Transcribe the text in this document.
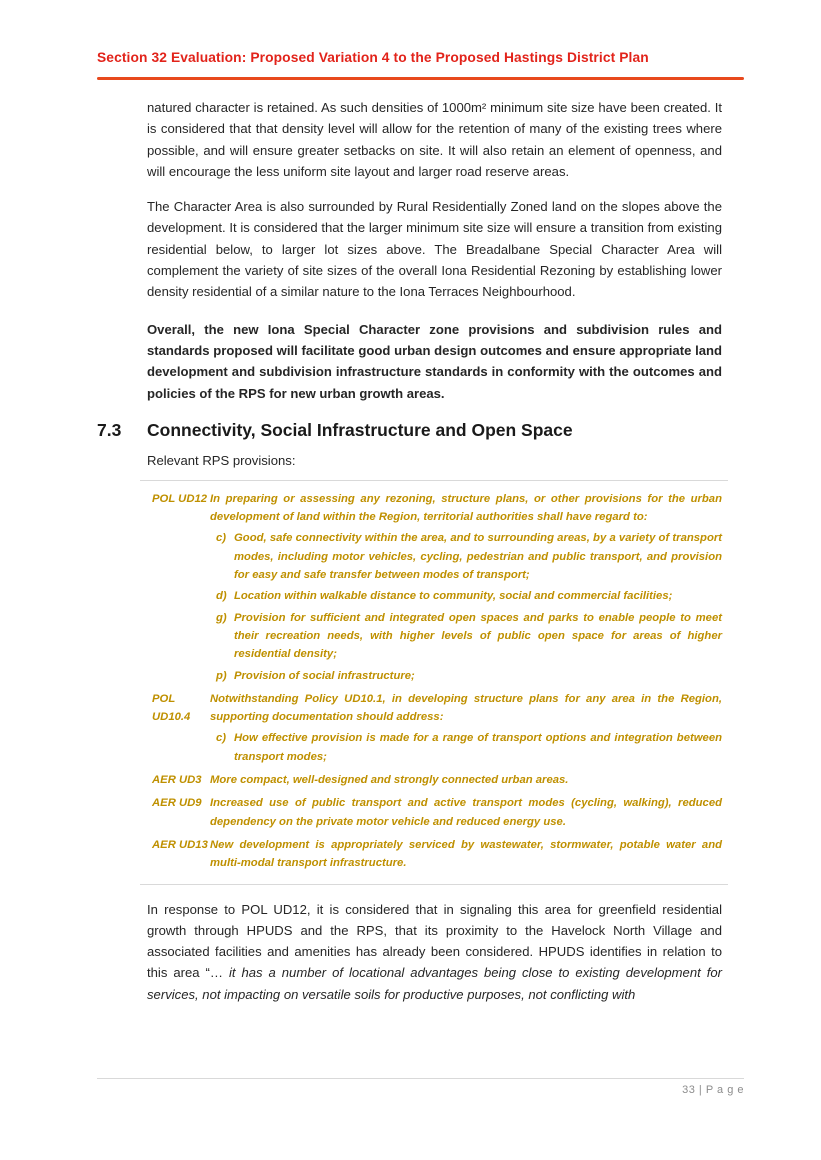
Section 32 Evaluation: Proposed Variation 4 to the Proposed Hastings District Plan

natured character is retained. As such densities of 1000m² minimum site size have been created. It is considered that that density level will allow for the retention of many of the existing trees where possible, and will ensure greater setbacks on site. It will also retain an element of openness, and will encourage the less uniform site layout and larger road reserve areas.

The Character Area is also surrounded by Rural Residentially Zoned land on the slopes above the development. It is considered that the larger minimum site size will ensure a transition from existing residential below, to larger lot sizes above. The Breadalbane Special Character Area will complement the variety of site sizes of the overall Iona Residential Rezoning by establishing lower density residential of a similar nature to the Iona Terraces Neighbourhood.

Overall, the new Iona Special Character zone provisions and subdivision rules and standards proposed will facilitate good urban design outcomes and ensure appropriate land development and subdivision infrastructure standards in conformity with the outcomes and policies of the RPS for new urban growth areas.

7.3	Connectivity, Social Infrastructure and Open Space

Relevant RPS provisions:

POL UD12 In preparing or assessing any rezoning, structure plans, or other provisions for the urban development of land within the Region, territorial authorities shall have regard to:

c) Good, safe connectivity within the area, and to surrounding areas, by a variety of transport modes, including motor vehicles, cycling, pedestrian and public transport, and provision for easy and safe transfer between modes of transport;
d) Location within walkable distance to community, social and commercial facilities;
g) Provision for sufficient and integrated open spaces and parks to enable people to meet their recreation needs, with higher levels of public open space for areas of higher residential density;
p) Provision of social infrastructure;
POL UD10.4

Notwithstanding Policy UD10.1, in developing structure plans for any area in the Region, supporting documentation should address:

c) How effective provision is made for a range of transport options and integration between transport modes;
AER UD3 More compact, well-designed and strongly connected urban areas.

AER UD9 Increased use of public transport and active transport modes (cycling, walking), reduced dependency on the private motor vehicle and reduced energy use.

AER UD13 New development is appropriately serviced by wastewater, stormwater, potable water and multi-modal transport infrastructure.

In response to POL UD12, it is considered that in signaling this area for greenfield residential growth through HPUDS and the RPS, that its proximity to the Havelock North Village and associated facilities and amenities has already been considered. HPUDS identifies in relation to this area “… it has a number of locational advantages being close to existing development for services, not impacting on versatile soils for productive purposes, not conflicting with

33 | P a g e
